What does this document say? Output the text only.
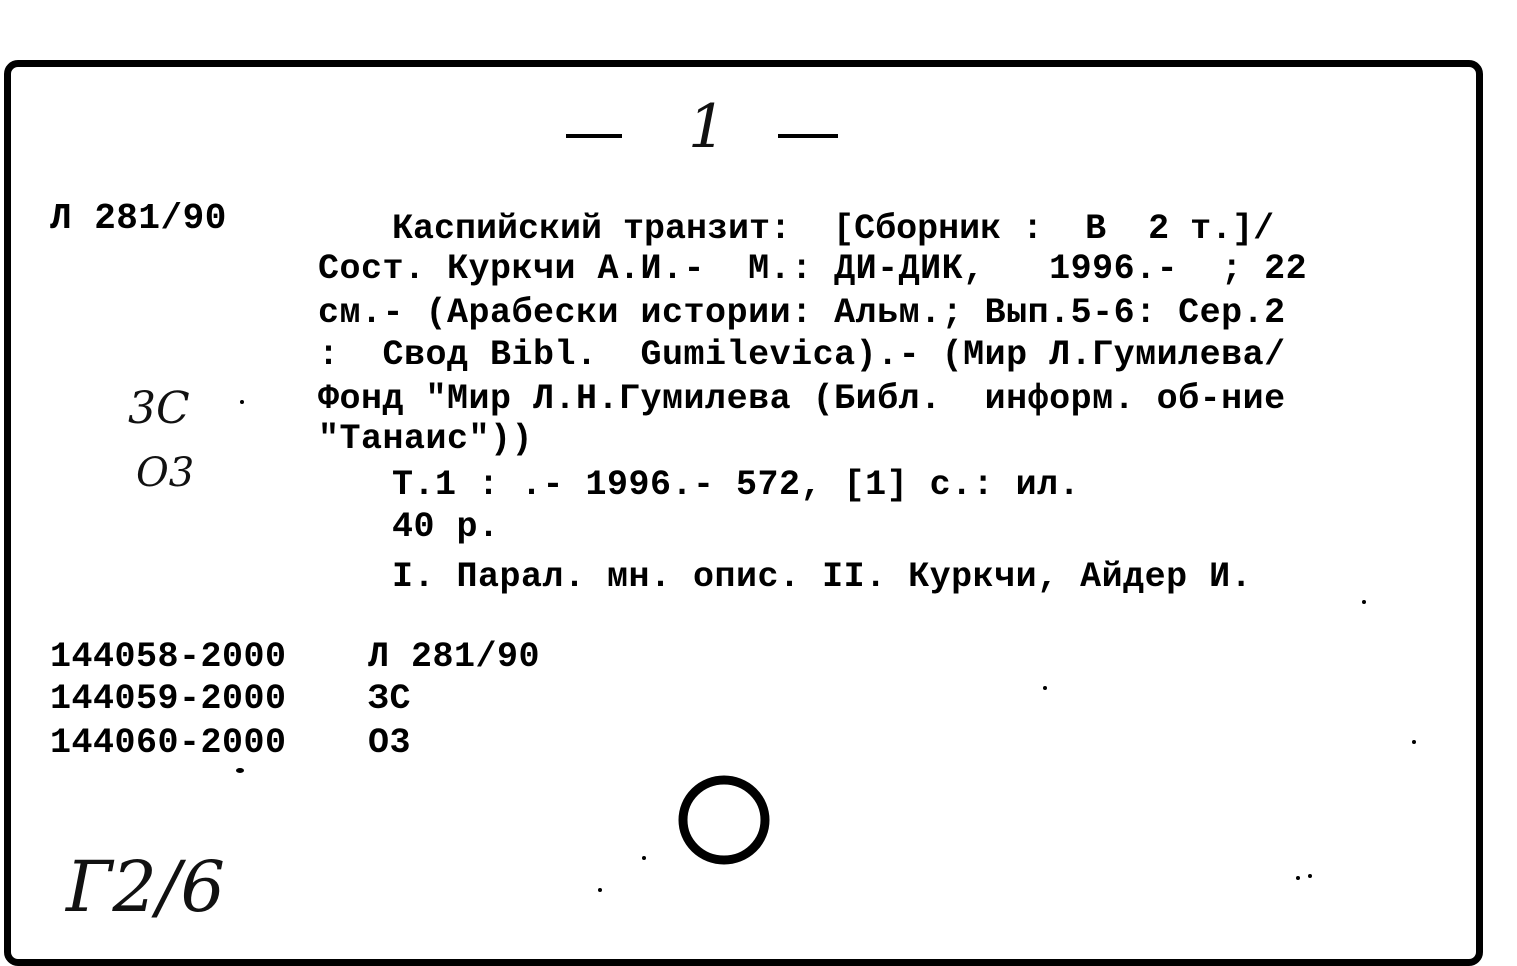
1
Л 281/90	Каспийский транзит:  [Сборник :  В  2 т.]/
Сост. Куркчи А.И.-  М.: ДИ-ДИК,   1996.-  ; 22
см.- (Арабески истории: Альм.; Вып.5-6: Сер.2
:  Свод Bibl.  Gumilevica).- (Мир Л.Гумилева/
Фонд "Мир Л.Н.Гумилева (Библ.  информ. об-ние
"Танаис"))
T.1 : .- 1996.- 572, [1] с.: ил.
40 р.
I. Парал. мн. опис. II. Куркчи, Айдер И.
3С
О3
144058-2000 Л 281/90
144059-2000 ЗС
144060-2000 О3
Г2/6
